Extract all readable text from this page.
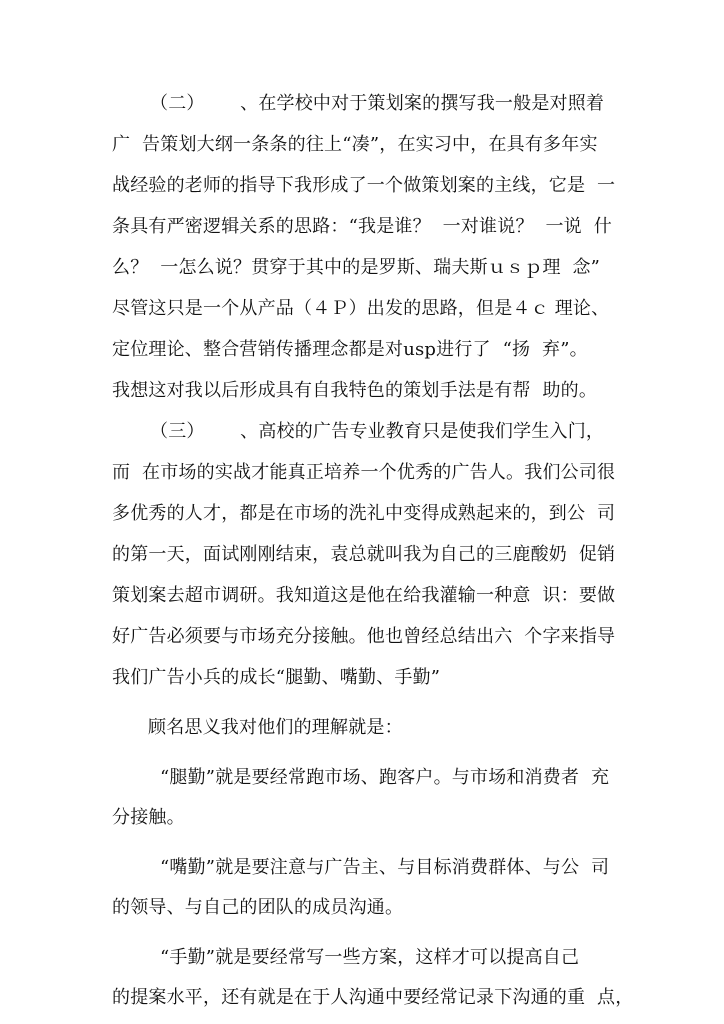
（二）      、在学校中对于策划案的撰写我一般是对照着
广  告策划大纲一条条的往上“凑”，在实习中，在具有多年实
战经验的老师的指导下我形成了一个做策划案的主线，它是  一
条具有严密逻辑关系的思路：“我是谁？  一对谁说？  一说  什
么？  一怎么说？贯穿于其中的是罗斯、瑞夫斯ｕｓｐ理  念”
尽管这只是一个从产品（４Ｐ）出发的思路，但是４ｃ 理论、
定位理论、整合营销传播理念都是对usp进行了  “扬  弃”。
我想这对我以后形成具有自我特色的策划手法是有帮  助的。
（三）      、高校的广告专业教育只是使我们学生入门，
而  在市场的实战才能真正培养一个优秀的广告人。我们公司很
多优秀的人才，都是在市场的洗礼中变得成熟起来的，到公  司
的第一天，面试刚刚结束，袁总就叫我为自己的三鹿酸奶  促销
策划案去超市调研。我知道这是他在给我灌输一种意  识：要做
好广告必须要与市场充分接触。他也曾经总结出六  个字来指导
我们广告小兵的成长“腿勤、嘴勤、手勤”
顾名思义我对他们的理解就是：
“腿勤”就是要经常跑市场、跑客户。与市场和消费者  充
分接触。
“嘴勤”就是要注意与广告主、与目标消费群体、与公  司
的领导、与自己的团队的成员沟通。
“手勤”就是要经常写一些方案，这样才可以提高自己
的提案水平，还有就是在于人沟通中要经常记录下沟通的重  点，
